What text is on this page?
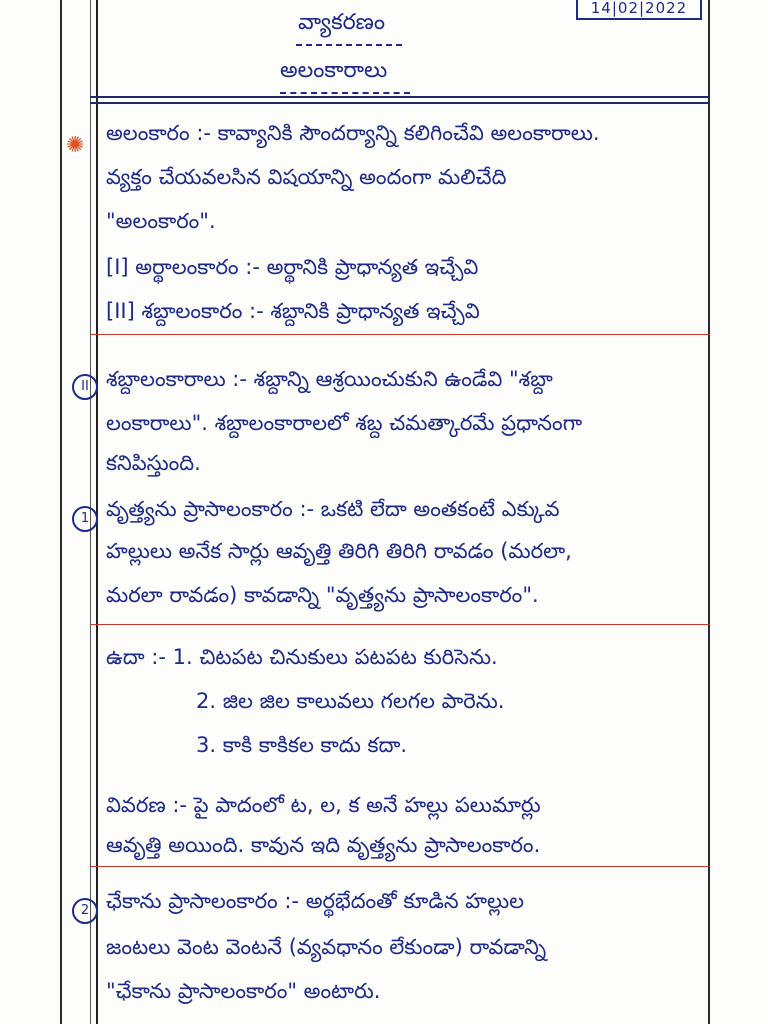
14|02|2022
వ్యాకరణం
అలంకారాలు
✺ అలంకారం :- కావ్యానికి సౌందర్యాన్ని కలిగించేవి అలంకారాలు.
వ్యక్తం చేయవలసిన విషయాన్ని అందంగా మలిచేది
"అలంకారం".
[I] అర్థాలంకారం :- అర్థానికి ప్రాధాన్యత ఇచ్చేవి
[II] శబ్దాలంకారం :- శబ్దానికి ప్రాధాన్యత ఇచ్చేవి
II శబ్దాలంకారాలు :- శబ్దాన్ని ఆశ్రయించుకుని ఉండేవి "శబ్దా
లంకారాలు". శబ్దాలంకారాలలో శబ్ద చమత్కారమే ప్రధానంగా
కనిపిస్తుంది.
1 వృత్త్యను ప్రాసాలంకారం :- ఒకటి లేదా అంతకంటే ఎక్కువ
హల్లులు అనేక సార్లు ఆవృత్తి తిరిగి తిరిగి రావడం (మరలా,
మరలా రావడం) కావడాన్ని "వృత్త్యను ప్రాసాలంకారం".
ఉదా :- 1. చిటపట చినుకులు పటపట కురిసెను.
2. జిల జిల కాలువలు గలగల పారెను.
3. కాకి కాకికల కాదు కదా.
వివరణ :- పై పాదంలో ట, ల, క అనే హల్లు పలుమార్లు
ఆవృత్తి అయింది. కావున ఇది వృత్త్యను ప్రాసాలంకారం.
2 ఛేకాను ప్రాసాలంకారం :- అర్థభేదంతో కూడిన హల్లుల
జంటలు వెంట వెంటనే (వ్యవధానం లేకుండా) రావడాన్ని
"ఛేకాను ప్రాసాలంకారం" అంటారు.
